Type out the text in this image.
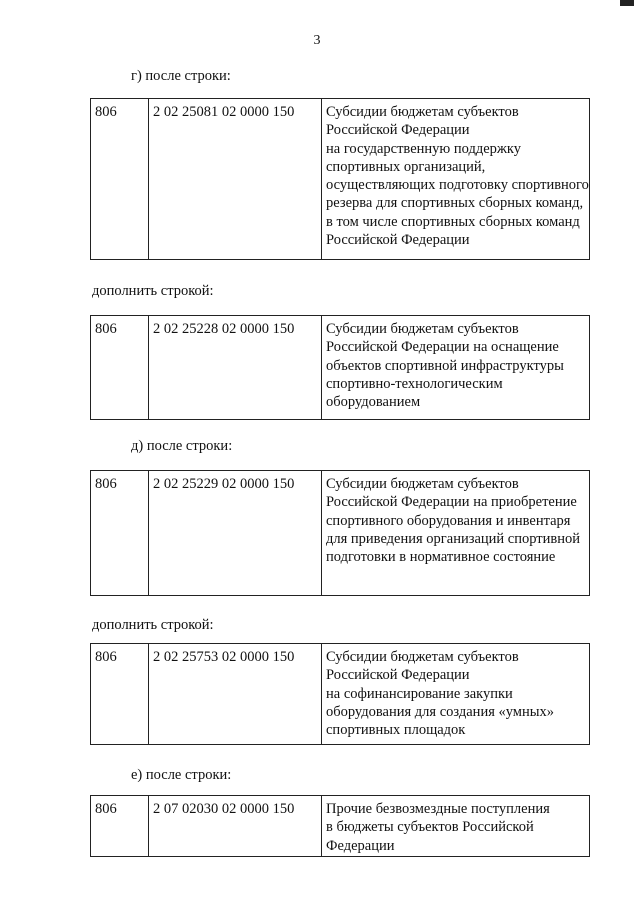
3
г) после строки:
806	2 02 25081 02 0000 150	Субсидии бюджетам субъектов
Российской Федерации
на государственную поддержку
спортивных организаций,
осуществляющих подготовку спортивного
резерва для спортивных сборных команд,
в том числе спортивных сборных команд
Российской Федерации
дополнить строкой:
806	2 02 25228 02 0000 150	Субсидии бюджетам субъектов
Российской Федерации на оснащение
объектов спортивной инфраструктуры
спортивно-технологическим
оборудованием
д) после строки:
806	2 02 25229 02 0000 150	Субсидии бюджетам субъектов
Российской Федерации на приобретение
спортивного оборудования и инвентаря
для приведения организаций спортивной
подготовки в нормативное состояние
дополнить строкой:
806	2 02 25753 02 0000 150	Субсидии бюджетам субъектов
Российской Федерации
на софинансирование закупки
оборудования для создания «умных»
спортивных площадок
е) после строки:
806	2 07 02030 02 0000 150	Прочие безвозмездные поступления
в бюджеты субъектов Российской
Федерации
